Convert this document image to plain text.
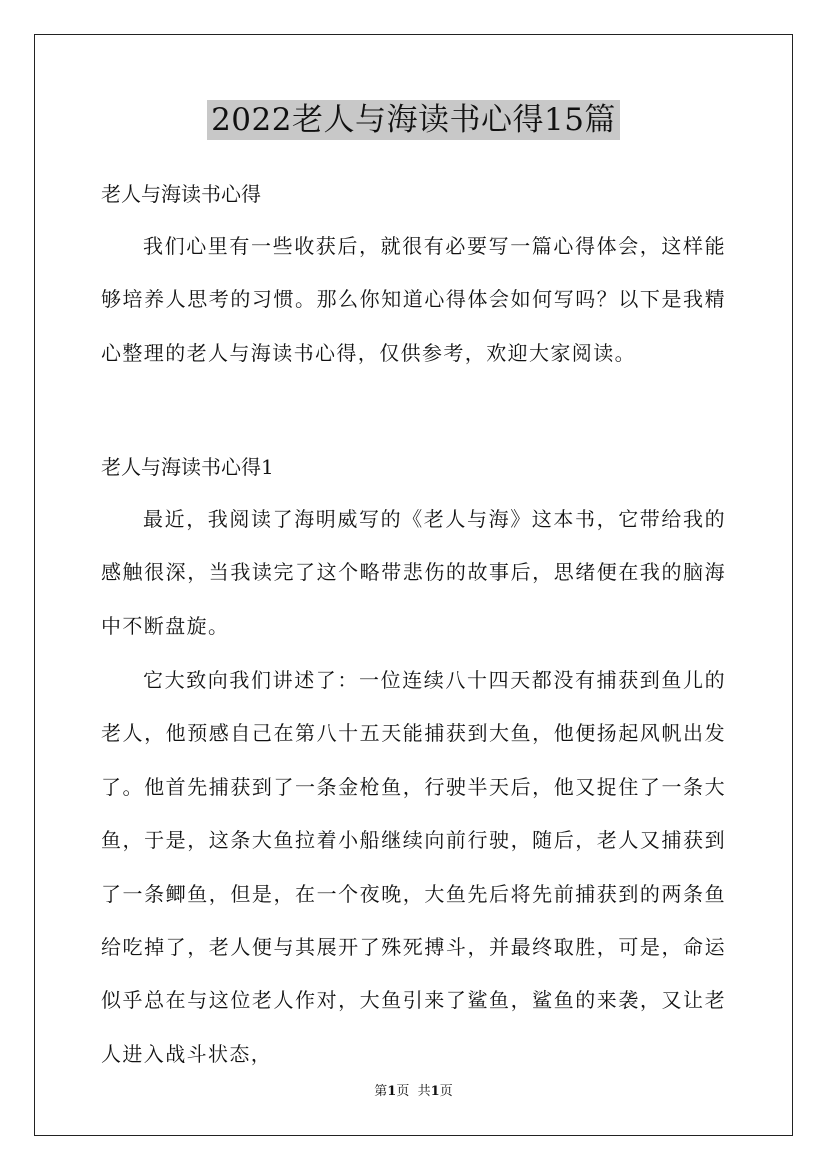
2022老人与海读书心得15篇
老人与海读书心得
我们心里有一些收获后，就很有必要写一篇心得体会，这样能够培养人思考的习惯。那么你知道心得体会如何写吗？以下是我精心整理的老人与海读书心得，仅供参考，欢迎大家阅读。
老人与海读书心得1
最近，我阅读了海明威写的《老人与海》这本书，它带给我的感触很深，当我读完了这个略带悲伤的故事后，思绪便在我的脑海中不断盘旋。
它大致向我们讲述了：一位连续八十四天都没有捕获到鱼儿的老人，他预感自己在第八十五天能捕获到大鱼，他便扬起风帆出发了。他首先捕获到了一条金枪鱼，行驶半天后，他又捉住了一条大鱼，于是，这条大鱼拉着小船继续向前行驶，随后，老人又捕获到了一条鲫鱼，但是，在一个夜晚，大鱼先后将先前捕获到的两条鱼给吃掉了，老人便与其展开了殊死搏斗，并最终取胜，可是，命运似乎总在与这位老人作对，大鱼引来了鲨鱼，鲨鱼的来袭，又让老人进入战斗状态，
第1页 共1页
